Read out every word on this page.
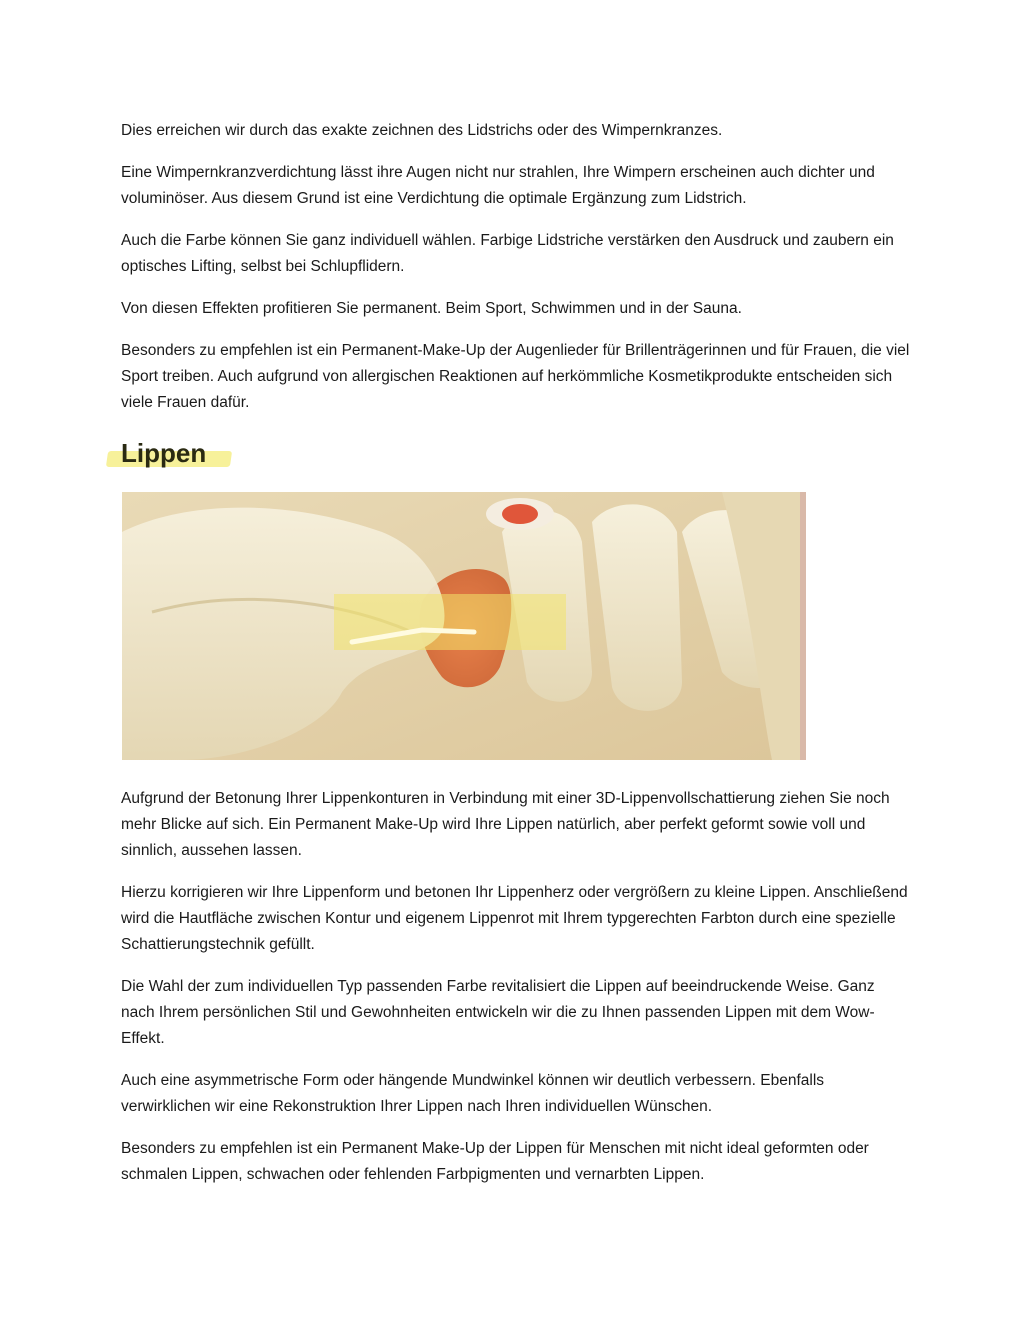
Dies erreichen wir durch das exakte zeichnen des Lidstrichs oder des Wimpernkranzes.

Eine Wimpernkranzverdichtung lässt ihre Augen nicht nur strahlen, Ihre Wimpern erscheinen auch dichter und voluminöser. Aus diesem Grund ist eine Verdichtung die optimale Ergänzung zum Lidstrich.

Auch die Farbe können Sie ganz individuell wählen. Farbige Lidstriche verstärken den Ausdruck und zaubern ein optisches Lifting, selbst bei Schlupflidern.

Von diesen Effekten profitieren Sie permanent. Beim Sport, Schwimmen und in der Sauna.

Besonders zu empfehlen ist ein Permanent-Make-Up der Augenlieder für Brillenträgerinnen und für Frauen, die viel Sport treiben. Auch aufgrund von allergischen Reaktionen auf herkömmliche Kosmetikprodukte entscheiden sich viele Frauen dafür.

Lippen

Aufgrund der Betonung Ihrer Lippenkonturen in Verbindung mit einer 3D-Lippenvollschattierung ziehen Sie noch mehr Blicke auf sich. Ein Permanent Make-Up wird Ihre Lippen natürlich, aber perfekt geformt sowie voll und sinnlich, aussehen lassen.

Hierzu korrigieren wir Ihre Lippenform und betonen Ihr Lippenherz oder vergrößern zu kleine Lippen. Anschließend wird die Hautfläche zwischen Kontur und eigenem Lippenrot mit Ihrem typgerechten Farbton durch eine spezielle Schattierungstechnik gefüllt.

Die Wahl der zum individuellen Typ passenden Farbe revitalisiert die Lippen auf beeindruckende Weise. Ganz nach Ihrem persönlichen Stil und Gewohnheiten entwickeln wir die zu Ihnen passenden Lippen mit dem Wow-Effekt.

Auch eine asymmetrische Form oder hängende Mundwinkel können wir deutlich verbessern. Ebenfalls verwirklichen wir eine Rekonstruktion Ihrer Lippen nach Ihren individuellen Wünschen.

Besonders zu empfehlen ist ein Permanent Make-Up der Lippen für Menschen mit nicht ideal geformten oder schmalen Lippen, schwachen oder fehlenden Farbpigmenten und vernarbten Lippen.
